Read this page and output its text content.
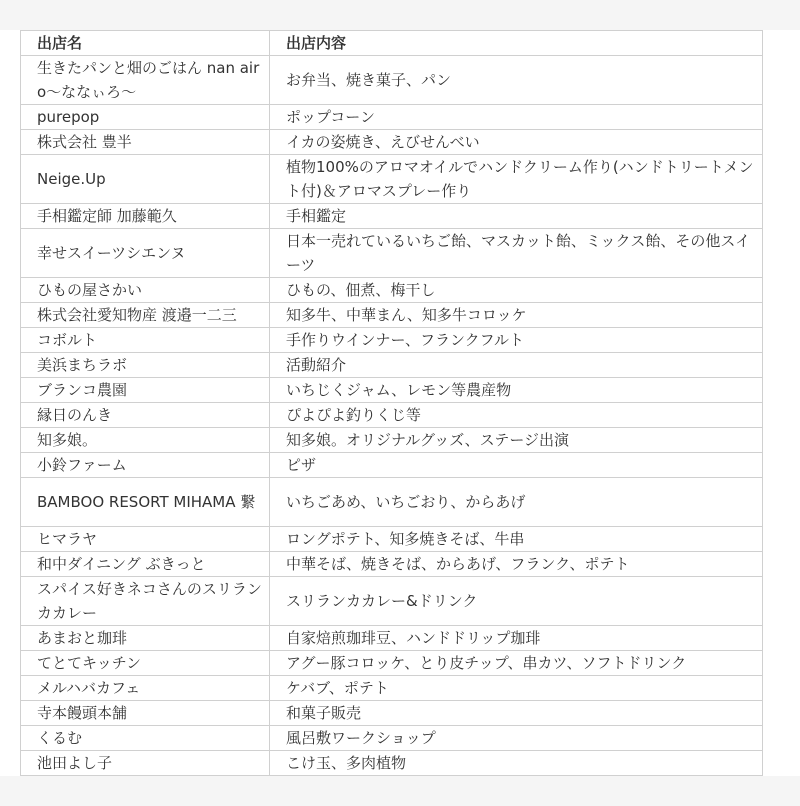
出店名	出店内容
生きたパンと畑のごはん nan airo〜ななぃろ〜	お弁当、焼き菓子、パン
purepop	ポップコーン
株式会社 豊半	イカの姿焼き、えびせんべい
Neige.Up	植物100%のアロマオイルでハンドクリーム作り(ハンドトリートメント付)＆アロマスプレー作り
手相鑑定師 加藤範久	手相鑑定
幸せスイーツシエンヌ	日本一売れているいちご飴、マスカット飴、ミックス飴、その他スイーツ
ひもの屋さかい	ひもの、佃煮、梅干し
株式会社愛知物産 渡邉一二三	知多牛、中華まん、知多牛コロッケ
コボルト	手作りウインナー、フランクフルト
美浜まちラボ	活動紹介
ブランコ農園	いちじくジャム、レモン等農産物
縁日のんき	ぴよぴよ釣りくじ等
知多娘。	知多娘。オリジナルグッズ、ステージ出演
小鈴ファーム	ピザ
BAMBOO RESORT MIHAMA 繋	いちごあめ、いちごおり、からあげ
ヒマラヤ	ロングポテト、知多焼きそば、牛串
和中ダイニング ぶきっと	中華そば、焼きそば、からあげ、フランク、ポテト
スパイス好きネコさんのスリランカカレー	スリランカカレー&ドリンク
あまおと珈琲	自家焙煎珈琲豆、ハンドドリップ珈琲
てとてキッチン	アグー豚コロッケ、とり皮チップ、串カツ、ソフトドリンク
メルハバカフェ	ケバブ、ポテト
寺本饅頭本舗	和菓子販売
くるむ	風呂敷ワークショップ
池田よし子	こけ玉、多肉植物
